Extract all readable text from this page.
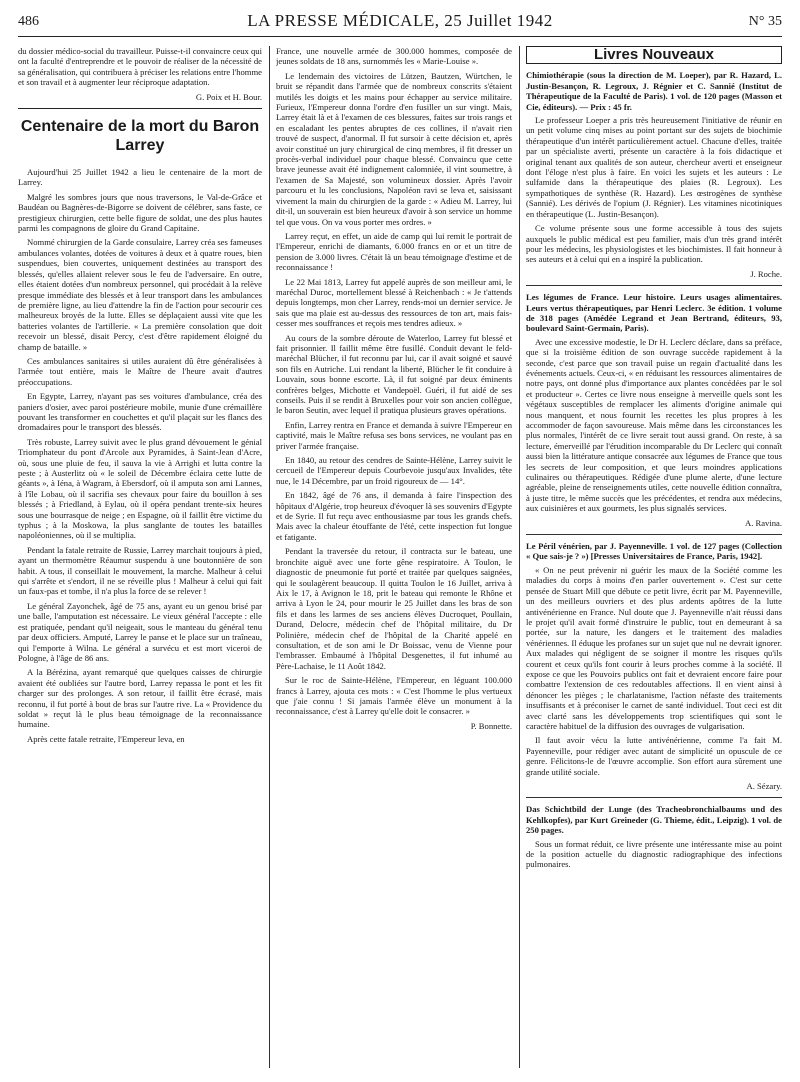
486	LA PRESSE MÉDICALE, 25 Juillet 1942	N° 35

du dossier médico-social du travailleur. Puisse-t-il convaincre ceux qui ont la faculté d'entreprendre et le pouvoir de réaliser de la nécessité de sa généralisation, qui contribuera à préciser les relations entre l'homme et son travail et à augmenter leur réciproque adaptation.

G. Poix et H. Bour.

Centenaire de la mort du Baron Larrey

Aujourd'hui 25 Juillet 1942 a lieu le centenaire de la mort de Larrey.

Malgré les sombres jours que nous traversons, le Val-de-Grâce et Baudéan ou Bagnères-de-Bigorre se doivent de célébrer, sans faste, ce prestigieux chirurgien, cette belle figure de soldat, une des plus hautes parmi les compagnons de gloire du Grand Capitaine.

Nommé chirurgien de la Garde consulaire, Larrey créa ses fameuses ambulances volantes, dotées de voitures à deux et à quatre roues, bien suspendues, bien couvertes, uniquement destinées au transport des blessés, qu'elles allaient relever sous le feu de l'adversaire. En outre, elles étaient dotées d'un nombreux personnel, qui procédait à la relève presque immédiate des blessés et à leur transport dans les ambulances de première ligne, au lieu d'attendre la fin de l'action pour secourir ces malheureux broyés de la lutte. Elles se déplaçaient aussi vite que les batteries volantes de l'artillerie. « La première consolation que doit recevoir un blessé, disait Percy, c'est d'être rapidement éloigné du champ de bataille. »

Ces ambulances sanitaires si utiles auraient dû être généralisées à l'armée tout entière, mais le Maître de l'heure avait d'autres préoccupations.

En Egypte, Larrey, n'ayant pas ses voitures d'ambulance, créa des paniers d'osier, avec paroi postérieure mobile, munie d'une crémaillère pouvant les transformer en couchettes et qu'il plaçait sur les flancs des dromadaires pour le transport des blessés.

Très robuste, Larrey suivit avec le plus grand dévouement le génial Triomphateur du pont d'Arcole aux Pyramides, à Saint-Jean d'Acre, où, sous une pluie de feu, il sauva la vie à Arrighi et lutta contre la peste ; à Austerlitz où « le soleil de Décembre éclaira cette lutte de géants », à Iéna, à Wagram, à Ebersdorf, où il amputa son ami Lannes, à l'île Lobau, où il sacrifia ses chevaux pour faire du bouillon à ses blessés ; à Friedland, à Eylau, où il opéra pendant trente-six heures sous une bourrasque de neige ; en Espagne, où il faillit être victime du typhus ; à la Moskowa, la plus sanglante de toutes les batailles napoléoniennes, où il se multiplia.

Pendant la fatale retraite de Russie, Larrey marchait toujours à pied, ayant un thermomètre Réaumur suspendu à une boutonnière de son habit. A tous, il conseillait le mouvement, la marche. Malheur à celui qui s'arrête et s'endort, il ne se réveille plus ! Malheur à celui qui fait un faux-pas et tombe, il n'a plus la force de se relever !

Le général Zayonchek, âgé de 75 ans, ayant eu un genou brisé par une balle, l'amputation est nécessaire. Le vieux général l'accepte : elle est pratiquée, pendant qu'il neigeait, sous le manteau du général tenu par deux officiers. Amputé, Larrey le panse et le place sur un traîneau, qui l'emporte à Wilna. Le général a survécu et est mort viceroi de Pologne, à l'âge de 86 ans.

A la Bérézina, ayant remarqué que quelques caisses de chirurgie avaient été oubliées sur l'autre bord, Larrey repassa le pont et les fit charger sur des prolonges. A son retour, il faillit être écrasé, mais reconnu, il fut porté à bout de bras sur l'autre rive. La « Providence du soldat » reçut là le plus beau témoignage de la reconnaissance humaine.

Après cette fatale retraite, l'Empereur leva, en

France, une nouvelle armée de 300.000 hommes, composée de jeunes soldats de 18 ans, surnommés les « Marie-Louise ».

Le lendemain des victoires de Lützen, Bautzen, Würtchen, le bruit se répandit dans l'armée que de nombreux conscrits s'étaient mutilés les doigts et les mains pour échapper au service militaire. Furieux, l'Empereur donna l'ordre d'en fusiller un sur vingt. Mais, Larrey était là et à l'examen de ces blessures, faites sur trois rangs et en escaladant les pentes abruptes de ces collines, il n'avait rien trouvé de suspect, d'anormal. Il fut sursoir à cette décision et, après avoir constitué un jury chirurgical de cinq membres, il fit dresser un procès-verbal individuel pour chaque blessé. Convaincu que cette brave jeunesse avait été indignement calomniée, il vint soumettre, à l'examen de Sa Majesté, son volumineux dossier. Après l'avoir parcouru et lu les conclusions, Napoléon ravi se leva et, saisissant vivement la main du chirurgien de la garde : « Adieu M. Larrey, lui dit-il, un souverain est bien heureux d'avoir à son service un homme tel que vous. On va vous porter mes ordres. »

Larrey reçut, en effet, un aide de camp qui lui remit le portrait de l'Empereur, enrichi de diamants, 6.000 francs en or et un titre de pension de 3.000 livres. C'était là un beau témoignage d'estime et de reconnaissance !

Le 22 Mai 1813, Larrey fut appelé auprès de son meilleur ami, le maréchal Duroc, mortellement blessé à Reichenbach : « Je t'attends depuis longtemps, mon cher Larrey, rends-moi un dernier service. Je sais que ma plaie est au-dessus des ressources de ton art, mais fais-cesser mes souffrances et reçois mes tendres adieux. »

Au cours de la sombre déroute de Waterloo, Larrey fut blessé et fait prisonnier. Il faillit même être fusillé. Conduit devant le feld-maréchal Blücher, il fut reconnu par lui, car il avait soigné et sauvé son fils en Autriche. Lui rendant la liberté, Blücher le fit conduire à Louvain, sous bonne escorte. Là, il fut soigné par deux éminents confrères belges, Michotte et Vandepoël. Guéri, il fut aidé de ses conseils. Puis il se rendit à Bruxelles pour voir son ancien collègue, le baron Seutin, avec lequel il pratiqua plusieurs graves opérations.

Enfin, Larrey rentra en France et demanda à suivre l'Empereur en captivité, mais le Maître refusa ses bons services, ne voulant pas en priver l'armée française.

En 1840, au retour des cendres de Sainte-Hélène, Larrey suivit le cercueil de l'Empereur depuis Courbevoie jusqu'aux Invalides, tête nue, le 14 Décembre, par un froid rigoureux de — 14°.

En 1842, âgé de 76 ans, il demanda à faire l'inspection des hôpitaux d'Algérie, trop heureux d'évoquer là ses souvenirs d'Egypte et de Syrie. Il fut reçu avec enthousiasme par tous les grands chefs. Mais avec la chaleur étouffante de l'été, cette inspection fut longue et fatigante.

Pendant la traversée du retour, il contracta sur le bateau, une bronchite aiguë avec une forte gêne respiratoire. A Toulon, le diagnostic de pneumonie fut porté et traitée par quelques saignées, qui le soulagèrent beaucoup. Il quitta Toulon le 16 Juillet, arriva à Aix le 17, à Avignon le 18, prit le bateau qui remonte le Rhône et arriva à Lyon le 24, pour mourir le 25 Juillet dans les bras de son fils et dans les larmes de ses anciens élèves Ducroquet, Poullain, Durand, Delocre, médecin chef de l'hôpital militaire, du Dr Polinière, médecin chef de l'hôpital de la Charité appelé en consultation, et de son ami le Dr Boissac, venu de Vienne pour l'embrasser. Embaumé à l'hôpital Desgenettes, il fut inhumé au Père-Lachaise, le 11 Août 1842.

Sur le roc de Sainte-Hélène, l'Empereur, en léguant 100.000 francs à Larrey, ajouta ces mots : « C'est l'homme le plus vertueux que j'aie connu ! Si jamais l'armée élève un monument à la reconnaissance, c'est à Larrey qu'elle doit le consacrer. »

P. Bonnette.

Livres Nouveaux

Chimiothérapie (sous la direction de M. Loeper), par R. Hazard, L. Justin-Besançon, R. Legroux, J. Régnier et C. Sannié (Institut de Thérapeutique de la Faculté de Paris). 1 vol. de 120 pages (Masson et Cie, éditeurs). — Prix : 45 fr.

Le professeur Loeper a pris très heureusement l'initiative de réunir en un petit volume cinq mises au point portant sur des sujets de biochimie thérapeutique d'un intérêt particulièrement actuel. Chacune d'elles, traitée par un spécialiste averti, présente un caractère à la fois didactique et original tenant aux qualités de son auteur, chercheur averti et enseigneur dont l'éloge n'est plus à faire. En voici les sujets et les auteurs : Le sulfamide dans la thérapeutique des plaies (R. Legroux). Les sympathotiques de synthèse (R. Hazard). Les œstrogènes de synthèse (Sannié). Les dérivés de l'opium (J. Régnier). Les vitamines nicotiniques en thérapeutique (L. Justin-Besançon).

Ce volume présente sous une forme accessible à tous des sujets auxquels le public médical est peu familier, mais d'un très grand intérêt pour les médecins, les physiologistes et les biochimistes. Il fait honneur à ses auteurs et à celui qui en a inspiré la publication.

J. Roche.

Les légumes de France. Leur histoire. Leurs usages alimentaires. Leurs vertus thérapeutiques, par Henri Leclerc. 3e édition. 1 volume de 318 pages (Amédée Legrand et Jean Bertrand, éditeurs, 93, boulevard Saint-Germain, Paris).

Avec une excessive modestie, le Dr H. Leclerc déclare, dans sa préface, que si la troisième édition de son ouvrage succède rapidement à la seconde, c'est parce que son travail puise un regain d'actualité dans les événements actuels. Ceux-ci, « en réduisant les ressources alimentaires de notre pays, ont donné plus d'importance aux plantes concédées par le sol et producteur ». Certes ce livre nous enseigne à merveille quels sont les végétaux susceptibles de remplacer les aliments d'origine animale qui nous manquent, et nous fournit les recettes les plus propres à les accommoder de façon savoureuse. Mais même dans les circonstances les plus normales, l'intérêt de ce livre serait tout aussi grand. On reste, à sa lecture, émerveillé par l'érudition incomparable du Dr Leclerc qui connaît aussi bien la littérature antique consacrée aux légumes de France que tous les secrets de leur composition, et que leurs moindres applications culinaires ou thérapeutiques. Rédigée d'une plume alerte, d'une lecture agréable, pleine de renseignements utiles, cette nouvelle édition connaîtra, à juste titre, le même succès que les précédentes, et rendra aux médecins, aux cuisinières et aux gourmets, les plus signalés services.

A. Ravina.

Le Péril vénérien, par J. Payenneville. 1 vol. de 127 pages (Collection « Que sais-je ? ») [Presses Universitaires de France, Paris, 1942].

« On ne peut prévenir ni guérir les maux de la Société comme les maladies du corps à moins d'en parler ouvertement ». C'est sur cette pensée de Stuart Mill que débute ce petit livre, écrit par M. Payenneville, un des meilleurs ouvriers et des plus ardents apôtres de la lutte antivénérienne en France. Nul doute que J. Payenneville n'ait réussi dans le projet qu'il avait formé d'instruire le public, tout en demeurant à sa portée, sur la nature, les dangers et le traitement des maladies vénériennes. Il éduque les profanes sur un sujet que nul ne devrait ignorer. Aux malades qui négligent de se soigner il montre les risques qu'ils courent et ceux qu'ils font courir à leurs proches comme à la société. Il expose ce que les Pouvoirs publics ont fait et devraient encore faire pour combattre l'extension de ces redoutables affections. Il en vient ainsi à dénoncer les pièges ; le charlatanisme, l'action néfaste des traitements insuffisants et à préconiser le carnet de santé individuel. Tout ceci est dit avec clarté sans les développements trop scientifiques qui sont le caractère habituel de la diffusion des ouvrages de vulgarisation.

Il faut avoir vécu la lutte antivénérienne, comme l'a fait M. Payenneville, pour rédiger avec autant de simplicité un opuscule de ce genre. Félicitons-le de l'œuvre accomplie. Son effort aura sûrement une grande utilité sociale.

A. Sézary.

Das Schichtbild der Lunge (des Tracheobronchialbaums und des Kehlkopfes), par Kurt Greineder (G. Thieme, édit., Leipzig). 1 vol. de 250 pages.

Sous un format réduit, ce livre présente une intéressante mise au point de la position actuelle du diagnostic radiographique des infections pulmonaires.
